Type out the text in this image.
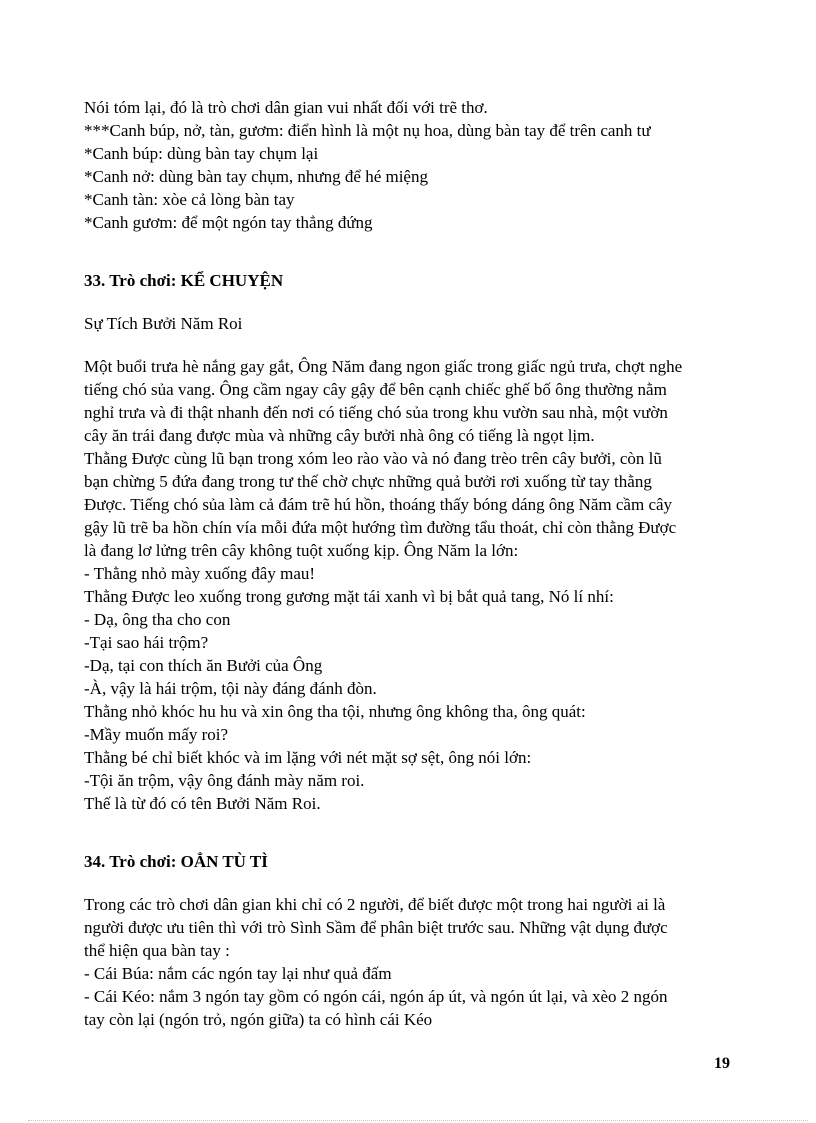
Nói tóm lại, đó là trò chơi dân gian vui nhất đối với trẽ thơ.

***Canh búp, nở, tàn, gươm: điển hình là một nụ hoa, dùng bàn tay để trên canh tư

*Canh búp: dùng bàn tay chụm lại

*Canh nở: dùng bàn tay chụm, nhưng để hé miệng

*Canh tàn: xòe cả lòng bàn tay

*Canh gươm: để một ngón tay thẳng đứng

33. Trò chơi: KỂ CHUYỆN
Sự Tích Bưởi Năm Roi

Một buổi trưa hè nắng gay gắt, Ông Năm đang ngon giấc trong giấc ngủ trưa, chợt nghe

tiếng chó sủa vang. Ông cầm ngay cây gậy để bên cạnh chiếc ghế bố ông thường nằm

nghỉ trưa và đi thật nhanh đến nơi có tiếng chó sủa trong khu vườn sau nhà, một vườn

cây ăn trái đang được mùa và những cây bưởi nhà ông có tiếng là ngọt lịm.

Thằng Được cùng lũ bạn trong xóm leo rào vào và nó đang trèo trên cây bưởi, còn lũ

bạn chừng 5 đứa đang trong tư thế chờ chực những quả bưởi rơi xuống từ tay thằng

Được. Tiếng chó sủa làm cả đám trẽ hú hồn, thoáng thấy bóng dáng ông Năm cầm cây

gậy lũ trẽ ba hồn chín vía mỗi đứa một hướng tìm đường tẩu thoát, chỉ còn thằng Được

là đang lơ lửng trên cây không tuột xuống kịp. Ông Năm la lớn:

- Thằng nhỏ mày xuống đây mau!

Thằng Được leo xuống trong gương mặt tái xanh vì bị bắt quả tang, Nó lí nhí:

- Dạ, ông tha cho con

-Tại sao hái trộm?

-Dạ, tại con thích ăn Bưởi của Ông

-À, vậy là hái trộm, tội này đáng đánh đòn.

Thằng nhỏ khóc hu hu và xin ông tha tội, nhưng ông không tha, ông quát:

-Mầy muốn mấy roi?

Thằng bé chỉ biết khóc và im lặng với nét mặt sợ sệt, ông nói lớn:

-Tội ăn trộm, vậy ông đánh mày năm roi.

Thế là từ đó có tên Bưởi Năm Roi.

34. Trò chơi: OẲN TÙ TÌ

Trong các trò chơi dân gian khi chỉ có 2 người, để biết được một trong hai người ai là

người được ưu tiên thì với trò Sình Sầm để phân biệt trước sau. Những vật dụng được

thể hiện qua bàn tay :

- Cái Búa: nắm các ngón tay lại như quả đấm

- Cái Kéo: nắm 3 ngón tay gồm có ngón cái, ngón áp út, và ngón út lại, và xèo 2 ngón

tay còn lại (ngón trỏ, ngón giữa) ta có hình cái Kéo

19
